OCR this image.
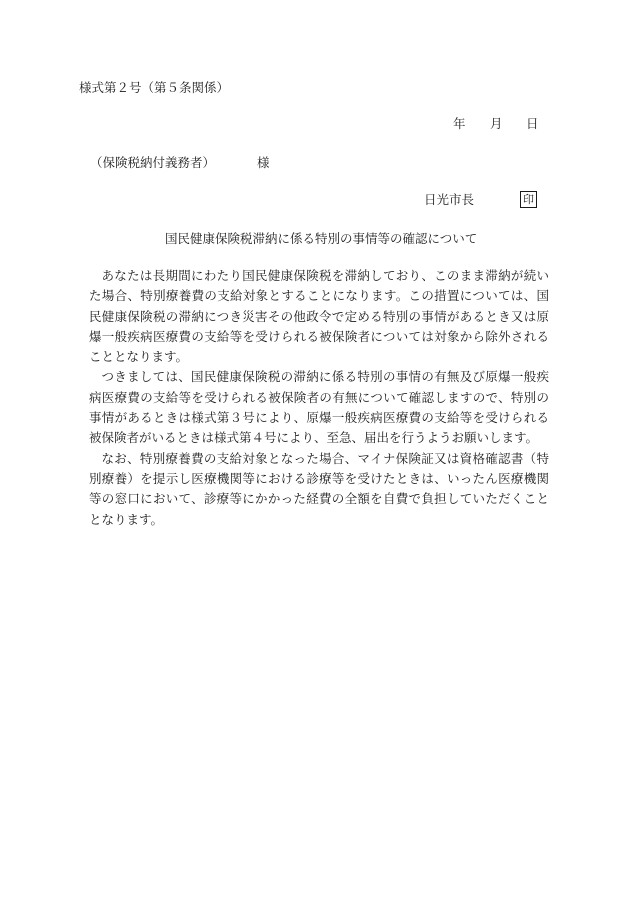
様式第２号（第５条関係）
年 月 日
（保険税納付義務者）	様
日光市長	印
国民健康保険税滞納に係る特別の事情等の確認について

あなたは長期間にわたり国民健康保険税を滞納しており、このまま滞納が続いた場合、特別療養費の支給対象とすることになります。この措置については、国民健康保険税の滞納につき災害その他政令で定める特別の事情があるとき又は原爆一般疾病医療費の支給等を受けられる被保険者については対象から除外されることとなります。

つきましては、国民健康保険税の滞納に係る特別の事情の有無及び原爆一般疾病医療費の支給等を受けられる被保険者の有無について確認しますので、特別の事情があるときは様式第３号により、原爆一般疾病医療費の支給等を受けられる被保険者がいるときは様式第４号により、至急、届出を行うようお願いします。

なお、特別療養費の支給対象となった場合、マイナ保険証又は資格確認書（特別療養）を提示し医療機関等における診療等を受けたときは、いったん医療機関等の窓口において、診療等にかかった経費の全額を自費で負担していただくこととなります。
